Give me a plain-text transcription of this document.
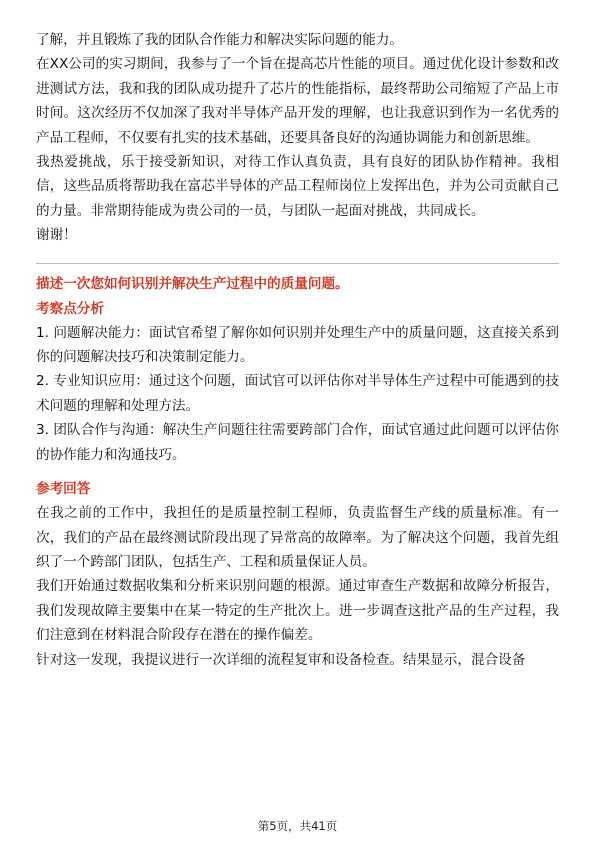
了解，并且锻炼了我的团队合作能力和解决实际问题的能力。

在XX公司的实习期间，我参与了一个旨在提高芯片性能的项目。通过优化设计参数和改进测试方法，我和我的团队成功提升了芯片的性能指标，最终帮助公司缩短了产品上市时间。这次经历不仅加深了我对半导体产品开发的理解，也让我意识到作为一名优秀的产品工程师，不仅要有扎实的技术基础，还要具备良好的沟通协调能力和创新思维。

我热爱挑战，乐于接受新知识，对待工作认真负责，具有良好的团队协作精神。我相信，这些品质将帮助我在富芯半导体的产品工程师岗位上发挥出色，并为公司贡献自己的力量。非常期待能成为贵公司的一员，与团队一起面对挑战，共同成长。

谢谢！

描述一次您如何识别并解决生产过程中的质量问题。

考察点分析

1. 问题解决能力：面试官希望了解你如何识别并处理生产中的质量问题，这直接关系到你的问题解决技巧和决策制定能力。

2. 专业知识应用：通过这个问题，面试官可以评估你对半导体生产过程中可能遇到的技术问题的理解和处理方法。

3. 团队合作与沟通：解决生产问题往往需要跨部门合作，面试官通过此问题可以评估你的协作能力和沟通技巧。

参考回答

在我之前的工作中，我担任的是质量控制工程师，负责监督生产线的质量标准。有一次，我们的产品在最终测试阶段出现了异常高的故障率。为了解决这个问题，我首先组织了一个跨部门团队，包括生产、工程和质量保证人员。

我们开始通过数据收集和分析来识别问题的根源。通过审查生产数据和故障分析报告，我们发现故障主要集中在某一特定的生产批次上。进一步调查这批产品的生产过程，我们注意到在材料混合阶段存在潜在的操作偏差。

针对这一发现，我提议进行一次详细的流程复审和设备检查。结果显示，混合设备

第5页，共41页
